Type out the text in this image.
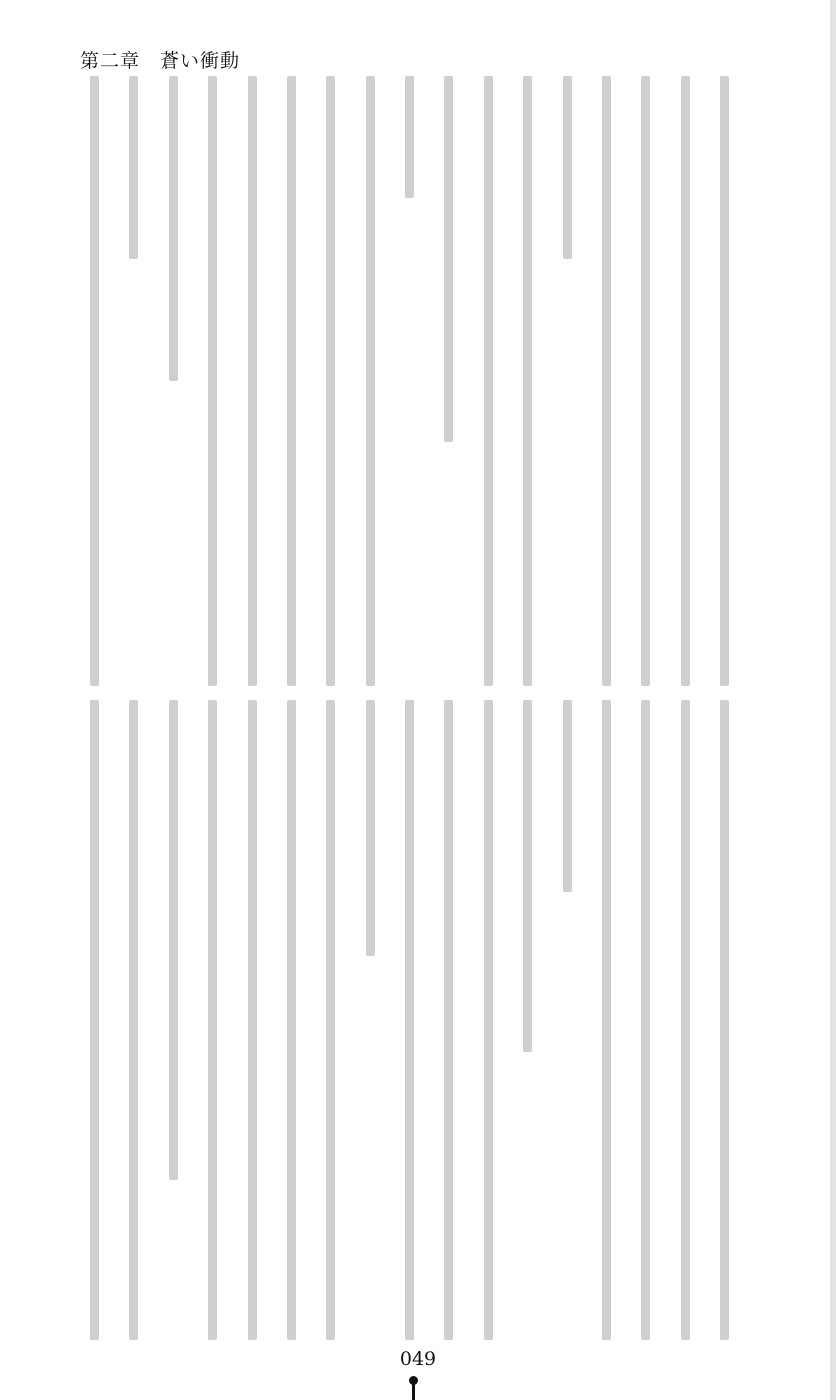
第二章　蒼い衝動
049
